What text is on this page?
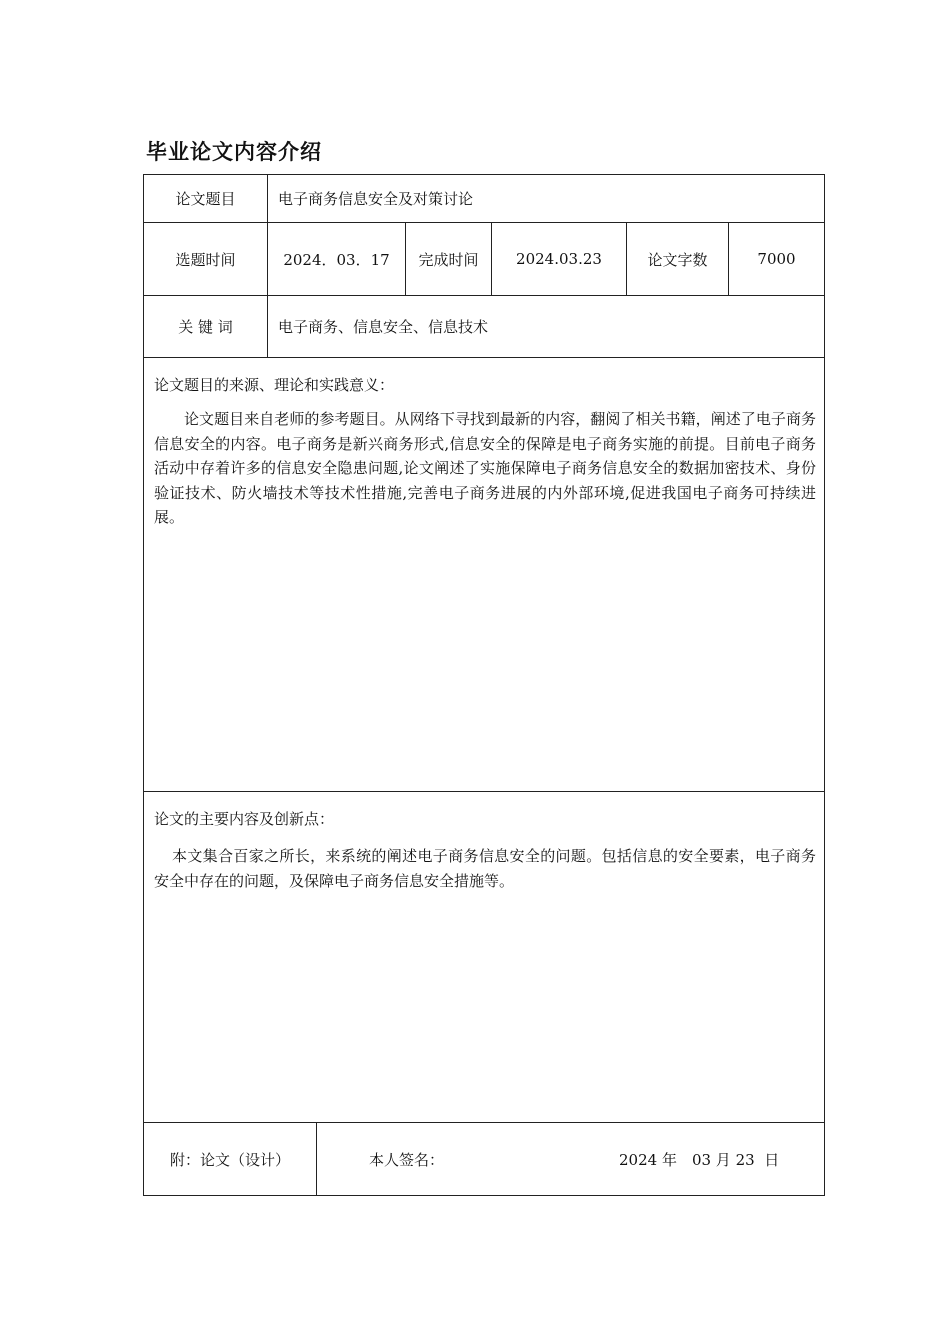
毕业论文内容介绍
论文题目	电子商务信息安全及对策讨论
选题时间	2024．03．17	完成时间	2024.03.23	论文字数	7000
关 键 词	电子商务、信息安全、信息技术
论文题目的来源、理论和实践意义：

论文题目来自老师的参考题目。从网络下寻找到最新的内容，翻阅了相关书籍，阐述了电子商务信息安全的内容。电子商务是新兴商务形式,信息安全的保障是电子商务实施的前提。目前电子商务活动中存着许多的信息安全隐患问题,论文阐述了实施保障电子商务信息安全的数据加密技术、身份验证技术、防火墙技术等技术性措施,完善电子商务进展的内外部环境,促进我国电子商务可持续进展。

论文的主要内容及创新点：

本文集合百家之所长，来系统的阐述电子商务信息安全的问题。包括信息的安全要素，电子商务安全中存在的问题，及保障电子商务信息安全措施等。

附：论文（设计）	本人签名：	2024 年　03 月 23  日
